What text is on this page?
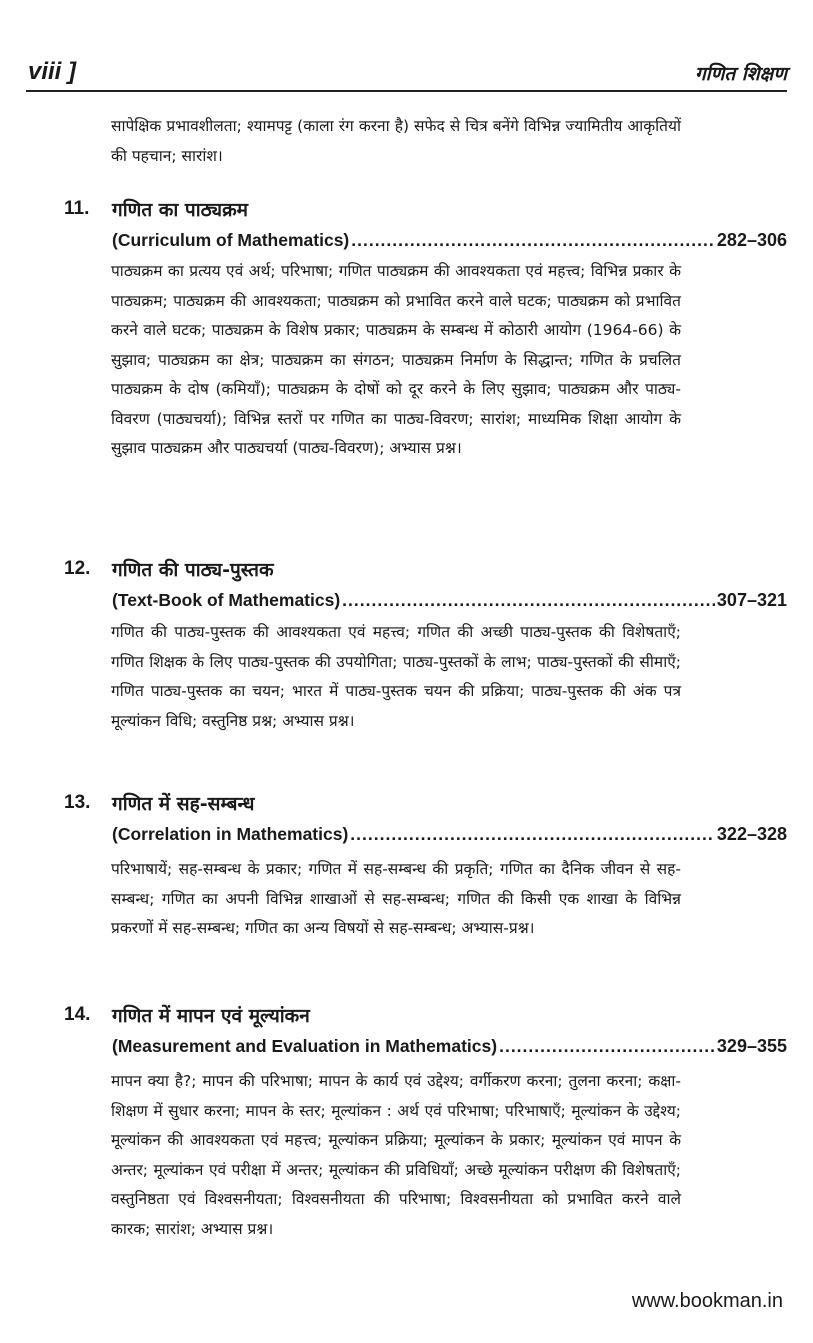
viii ]	गणित शिक्षण
सापेक्षिक प्रभावशीलता; श्यामपट्ट (काला रंग करना है) सफेद से चित्र बनेंगे विभिन्न ज्यामितीय आकृतियों की पहचान; सारांश।
11. गणित का पाठ्यक्रम
(Curriculum of Mathematics) .....	282–306
पाठ्यक्रम का प्रत्यय एवं अर्थ; परिभाषा; गणित पाठ्यक्रम की आवश्यकता एवं महत्त्व; विभिन्न प्रकार के पाठ्यक्रम; पाठ्यक्रम की आवश्यकता; पाठ्यक्रम को प्रभावित करने वाले घटक; पाठ्यक्रम को प्रभावित करने वाले घटक; पाठ्यक्रम के विशेष प्रकार; पाठ्यक्रम के सम्बन्ध में कोठारी आयोग (1964-66) के सुझाव; पाठ्यक्रम का क्षेत्र; पाठ्यक्रम का संगठन; पाठ्यक्रम निर्माण के सिद्धान्त; गणित के प्रचलित पाठ्यक्रम के दोष (कमियाँ); पाठ्यक्रम के दोषों को दूर करने के लिए सुझाव; पाठ्यक्रम और पाठ्य-विवरण (पाठ्यचर्या); विभिन्न स्तरों पर गणित का पाठ्य-विवरण; सारांश; माध्यमिक शिक्षा आयोग के सुझाव पाठ्यक्रम और पाठ्यचर्या (पाठ्य-विवरण); अभ्यास प्रश्न।
12. गणित की पाठ्य-पुस्तक
(Text-Book of Mathematics) .....	307–321
गणित की पाठ्य-पुस्तक की आवश्यकता एवं महत्त्व; गणित की अच्छी पाठ्य-पुस्तक की विशेषताएँ; गणित शिक्षक के लिए पाठ्य-पुस्तक की उपयोगिता; पाठ्य-पुस्तकों के लाभ; पाठ्य-पुस्तकों की सीमाएँ; गणित पाठ्य-पुस्तक का चयन; भारत में पाठ्य-पुस्तक चयन की प्रक्रिया; पाठ्य-पुस्तक की अंक पत्र मूल्यांकन विधि; वस्तुनिष्ठ प्रश्न; अभ्यास प्रश्न।
13. गणित में सह-सम्बन्ध
(Correlation in Mathematics) .....	322–328
परिभाषायें; सह-सम्बन्ध के प्रकार; गणित में सह-सम्बन्ध की प्रकृति; गणित का दैनिक जीवन से सह-सम्बन्ध; गणित का अपनी विभिन्न शाखाओं से सह-सम्बन्ध; गणित की किसी एक शाखा के विभिन्न प्रकरणों में सह-सम्बन्ध; गणित का अन्य विषयों से सह-सम्बन्ध; अभ्यास-प्रश्न।
14. गणित में मापन एवं मूल्यांकन
(Measurement and Evaluation in Mathematics) .....	329–355
मापन क्या है?; मापन की परिभाषा; मापन के कार्य एवं उद्देश्य; वर्गीकरण करना; तुलना करना; कक्षा-शिक्षण में सुधार करना; मापन के स्तर; मूल्यांकन : अर्थ एवं परिभाषा; परिभाषाएँ; मूल्यांकन के उद्देश्य; मूल्यांकन की आवश्यकता एवं महत्त्व; मूल्यांकन प्रक्रिया; मूल्यांकन के प्रकार; मूल्यांकन एवं मापन के अन्तर; मूल्यांकन एवं परीक्षा में अन्तर; मूल्यांकन की प्रविधियाँ; अच्छे मूल्यांकन परीक्षण की विशेषताएँ; वस्तुनिष्ठता एवं विश्वसनीयता; विश्वसनीयता की परिभाषा; विश्वसनीयता को प्रभावित करने वाले कारक; सारांश; अभ्यास प्रश्न।
www.bookman.in
